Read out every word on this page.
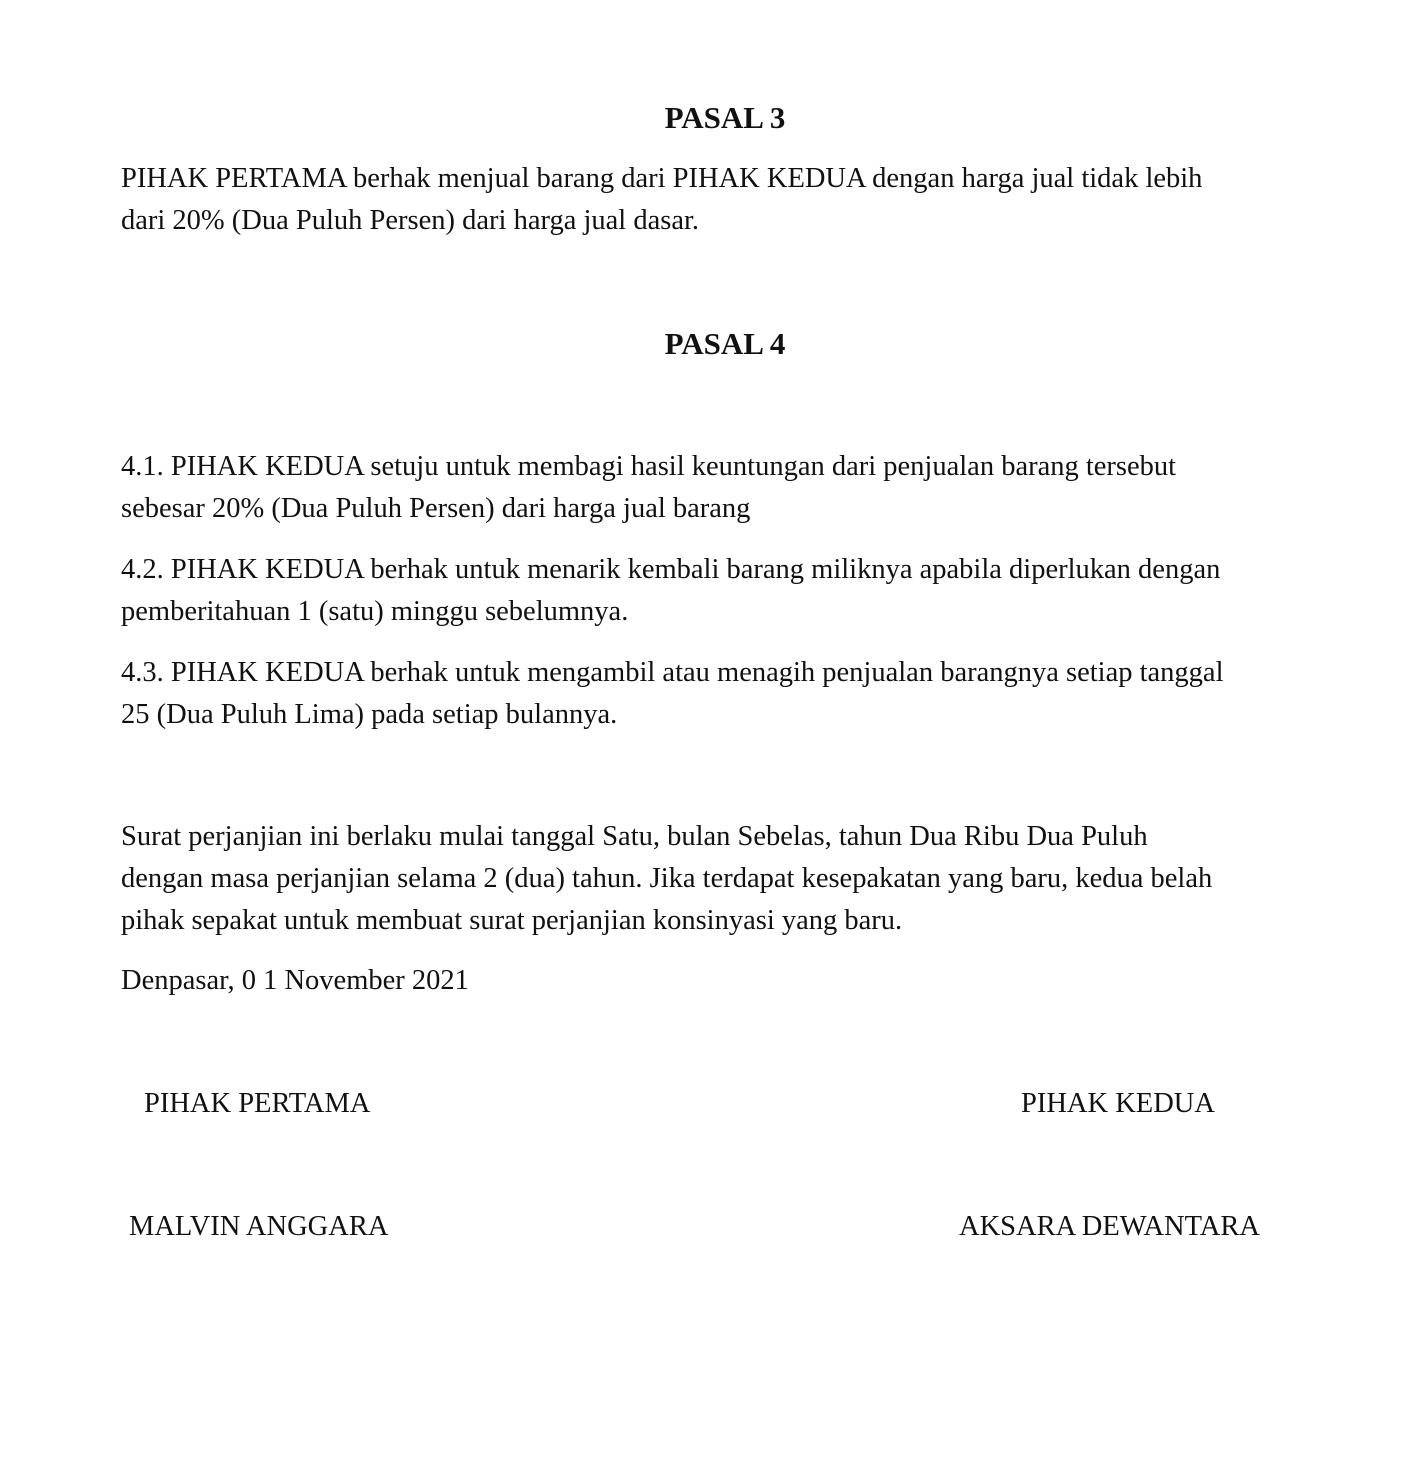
PASAL 3

PIHAK PERTAMA berhak menjual barang dari PIHAK KEDUA dengan harga jual tidak lebih
dari 20% (Dua Puluh Persen) dari harga jual dasar.

PASAL 4

4.1. PIHAK KEDUA setuju untuk membagi hasil keuntungan dari penjualan barang tersebut
sebesar 20% (Dua Puluh Persen) dari harga jual barang

4.2. PIHAK KEDUA berhak untuk menarik kembali barang miliknya apabila diperlukan dengan
pemberitahuan 1 (satu) minggu sebelumnya.

4.3. PIHAK KEDUA berhak untuk mengambil atau menagih penjualan barangnya setiap tanggal
25 (Dua Puluh Lima) pada setiap bulannya.

Surat perjanjian ini berlaku mulai tanggal Satu, bulan Sebelas, tahun Dua Ribu Dua Puluh
dengan masa perjanjian selama 2 (dua) tahun. Jika terdapat kesepakatan yang baru, kedua belah
pihak sepakat untuk membuat surat perjanjian konsinyasi yang baru.

Denpasar, 0 1 November 2021

PIHAK PERTAMA	PIHAK KEDUA

MALVIN ANGGARA	AKSARA DEWANTARA
